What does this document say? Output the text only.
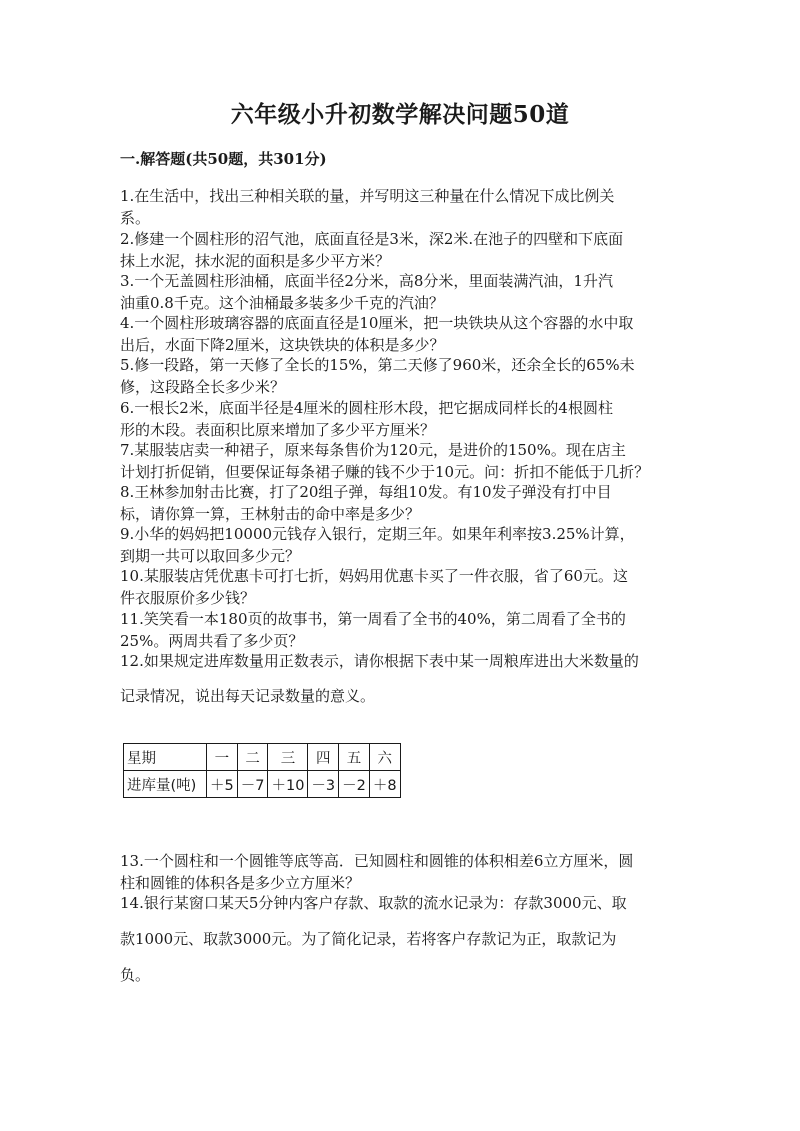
六年级小升初数学解决问题50道
一.解答题(共50题，共301分)
1.在生活中，找出三种相关联的量，并写明这三种量在什么情况下成比例关
系。
2.修建一个圆柱形的沼气池，底面直径是3米，深2米.在池子的四壁和下底面
抹上水泥，抹水泥的面积是多少平方米？
3.一个无盖圆柱形油桶，底面半径2分米，高8分米，里面装满汽油，1升汽
油重0.8千克。这个油桶最多装多少千克的汽油？
4.一个圆柱形玻璃容器的底面直径是10厘米，把一块铁块从这个容器的水中取
出后，水面下降2厘米，这块铁块的体积是多少？
5.修一段路，第一天修了全长的15%，第二天修了960米，还余全长的65%未
修，这段路全长多少米？
6.一根长2米，底面半径是4厘米的圆柱形木段，把它据成同样长的4根圆柱
形的木段。表面积比原来增加了多少平方厘米？
7.某服装店卖一种裙子，原来每条售价为120元，是进价的150%。现在店主
计划打折促销，但要保证每条裙子赚的钱不少于10元。问：折扣不能低于几折？
8.王林参加射击比赛，打了20组子弹，每组10发。有10发子弹没有打中目
标，请你算一算，王林射击的命中率是多少？
9.小华的妈妈把10000元钱存入银行，定期三年。如果年利率按3.25%计算，
到期一共可以取回多少元？
10.某服装店凭优惠卡可打七折，妈妈用优惠卡买了一件衣服，省了60元。这
件衣服原价多少钱？
11.笑笑看一本180页的故事书，第一周看了全书的40%，第二周看了全书的
25%。两周共看了多少页？
12.如果规定进库数量用正数表示，请你根据下表中某一周粮库进出大米数量的
记录情况，说出每天记录数量的意义。
13.一个圆柱和一个圆锥等底等高．已知圆柱和圆锥的体积相差6立方厘米，圆
柱和圆锥的体积各是多少立方厘米？
14.银行某窗口某天5分钟内客户存款、取款的流水记录为：存款3000元、取
款1000元、取款3000元。为了简化记录，若将客户存款记为正，取款记为
负。
星期	一	二	三	四	五	六
进库量(吨)	＋5	－7	＋10	－3	－2	＋8
